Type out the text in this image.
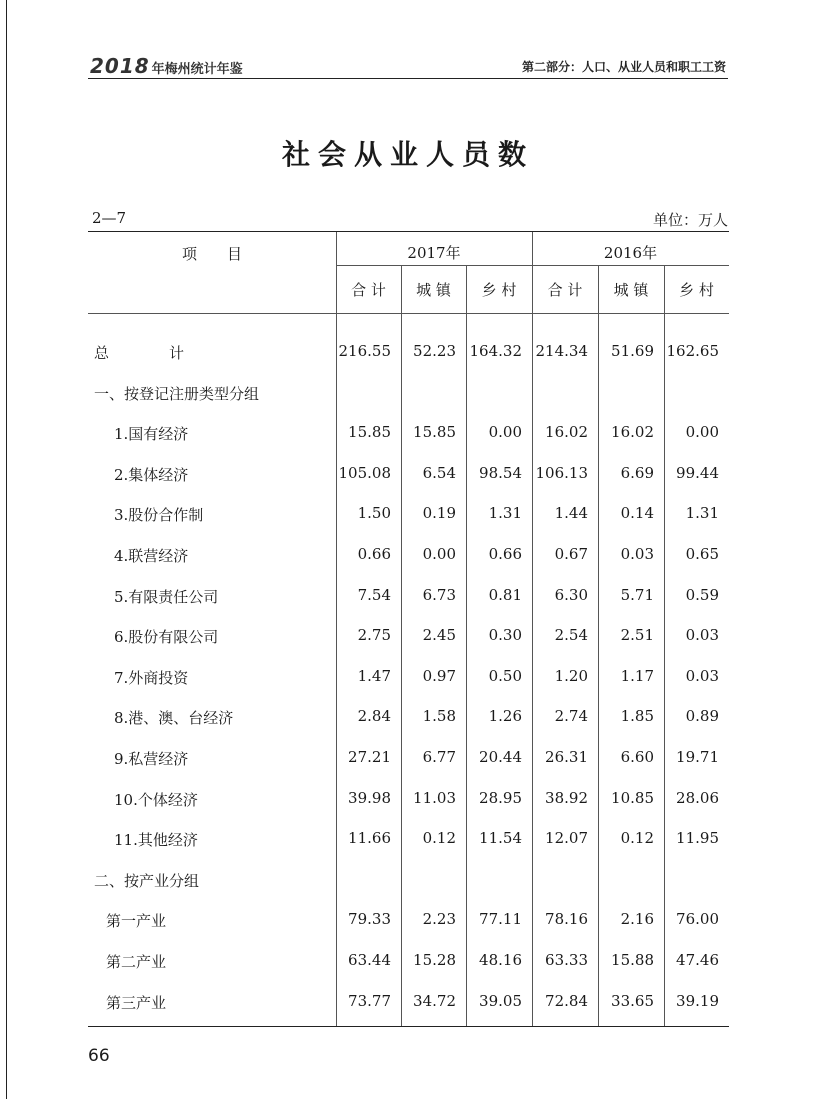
2018 年梅州统计年鉴	第二部分：人口、从业人员和职工工资
社会从业人员数
2—7	单位：万人
项　　目	2017年	2016年
合 计	城 镇	乡 村	合 计	城 镇	乡 村
总　　　　计	216.55 52.23 164.32 214.34 51.69 162.65
一、按登记注册类型分组
1.国有经济	15.85 15.85 0.00 16.02 16.02 0.00
2.集体经济	105.08 6.54 98.54 106.13 6.69 99.44
3.股份合作制	1.50 0.19 1.31 1.44 0.14 1.31
4.联营经济	0.66 0.00 0.66 0.67 0.03 0.65
5.有限责任公司	7.54 6.73 0.81 6.30 5.71 0.59
6.股份有限公司	2.75 2.45 0.30 2.54 2.51 0.03
7.外商投资	1.47 0.97 0.50 1.20 1.17 0.03
8.港、澳、台经济	2.84 1.58 1.26 2.74 1.85 0.89
9.私营经济	27.21 6.77 20.44 26.31 6.60 19.71
10.个体经济	39.98 11.03 28.95 38.92 10.85 28.06
11.其他经济	11.66 0.12 11.54 12.07 0.12 11.95
二、按产业分组
第一产业	79.33 2.23 77.11 78.16 2.16 76.00
第二产业	63.44 15.28 48.16 63.33 15.88 47.46
第三产业	73.77 34.72 39.05 72.84 33.65 39.19
66
